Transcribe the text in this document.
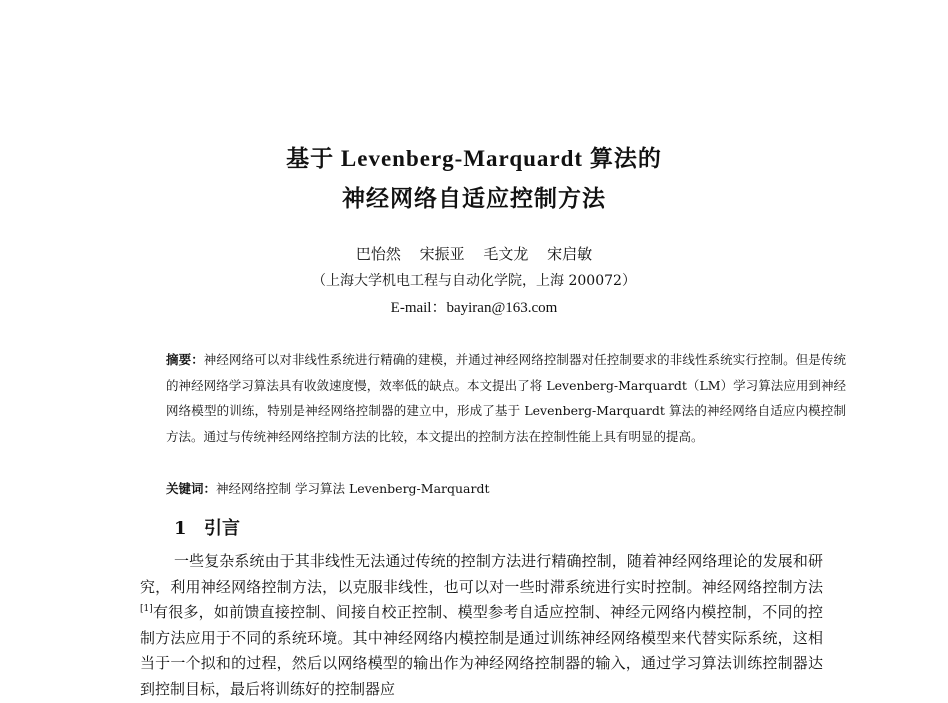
基于 Levenberg-Marquardt 算法的
神经网络自适应控制方法
巴怡然 宋振亚 毛文龙 宋启敏
（上海大学机电工程与自动化学院，上海 200072）
E-mail：bayiran@163.com
摘要：神经网络可以对非线性系统进行精确的建模，并通过神经网络控制器对任控制要求的非线性系统实行控制。但是传统的神经网络学习算法具有收敛速度慢，效率低的缺点。本文提出了将 Levenberg-Marquardt（LM）学习算法应用到神经网络模型的训练，特别是神经网络控制器的建立中，形成了基于 Levenberg-Marquardt 算法的神经网络自适应内模控制方法。通过与传统神经网络控制方法的比较，本文提出的控制方法在控制性能上具有明显的提高。
关键词：神经网络控制 学习算法 Levenberg-Marquardt
1 引言
一些复杂系统由于其非线性无法通过传统的控制方法进行精确控制，随着神经网络理论的发展和研究，利用神经网络控制方法，以克服非线性，也可以对一些时滞系统进行实时控制。神经网络控制方法[1]有很多，如前馈直接控制、间接自校正控制、模型参考自适应控制、神经元网络内模控制，不同的控制方法应用于不同的系统环境。其中神经网络内模控制是通过训练神经网络模型来代替实际系统，这相当于一个拟和的过程，然后以网络模型的输出作为神经网络控制器的输入，通过学习算法训练控制器达到控制目标，最后将训练好的控制器应
